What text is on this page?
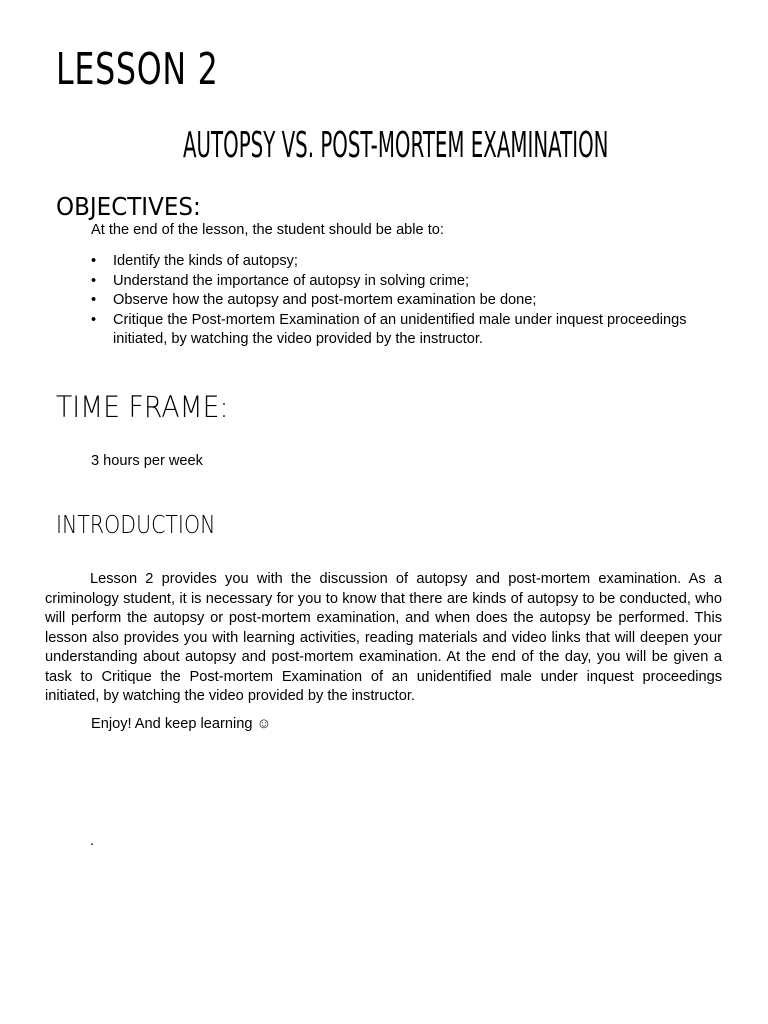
LESSON 2
AUTOPSY VS. POST-MORTEM EXAMINATION
OBJECTIVES:

At the end of the lesson, the student should be able to:

• Identify the kinds of autopsy;
• Understand the importance of autopsy in solving crime;
• Observe how the autopsy and post-mortem examination be done;
• Critique the Post-mortem Examination of an unidentified male under inquest proceedings initiated, by watching the video provided by the instructor.
TIME FRAME:

3 hours per week

INTRODUCTION

Lesson 2 provides you with the discussion of autopsy and post-mortem examination. As a criminology student, it is necessary for you to know that there are kinds of autopsy to be conducted, who will perform the autopsy or post-mortem examination, and when does the autopsy be performed. This lesson also provides you with learning activities, reading materials and video links that will deepen your understanding about autopsy and post-mortem examination. At the end of the day, you will be given a task to Critique the Post-mortem Examination of an unidentified male under inquest proceedings initiated, by watching the video provided by the instructor.

Enjoy! And keep learning ☺

.
